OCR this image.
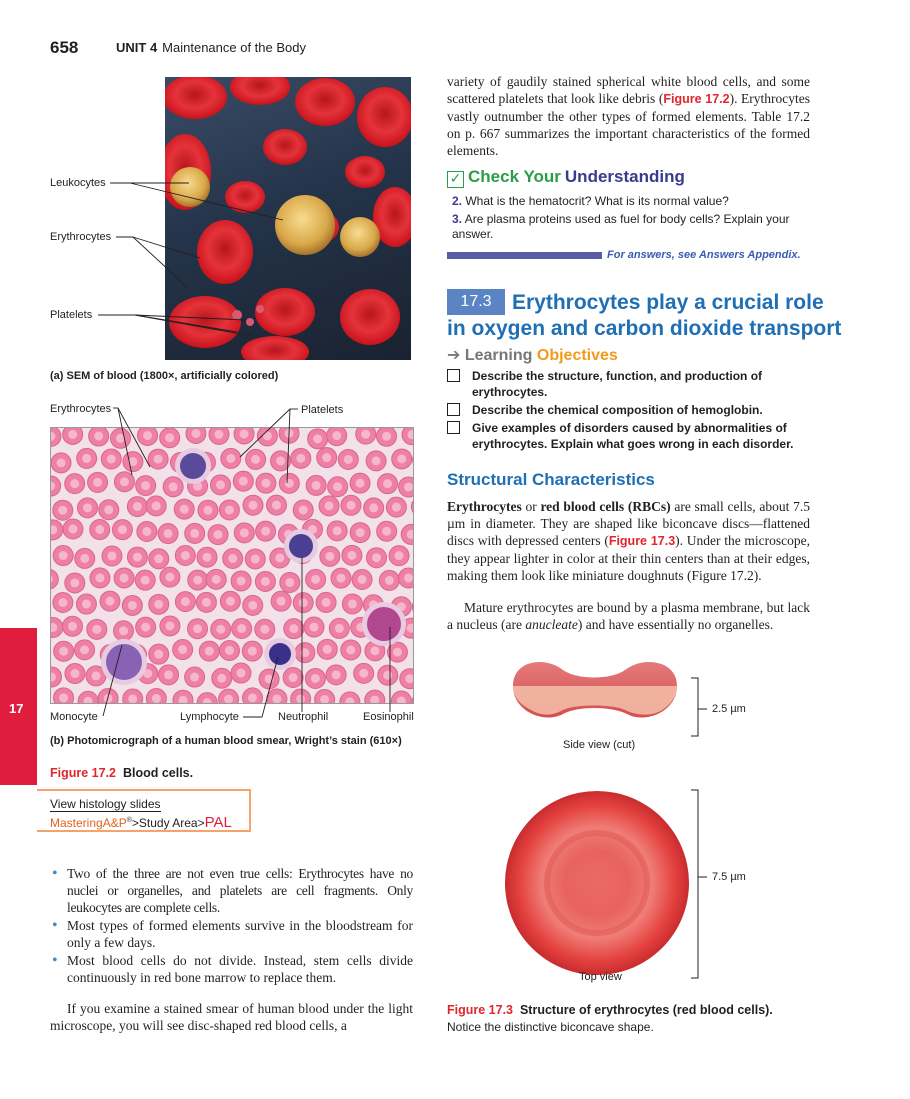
658	UNIT 4 Maintenance of the Body
Leukocytes
Erythrocytes
Platelets
(a) SEM of blood (1800×, artificially colored)
Erythrocytes	Platelets
Monocyte	Lymphocyte	Neutrophil	Eosinophil
(b) Photomicrograph of a human blood smear, Wright’s stain (610×)
17
Figure 17.2 Blood cells.
View histology slides
MasteringA&P®>Study Area>PAL
• Two of the three are not even true cells: Erythrocytes have no nuclei or organelles, and platelets are cell fragments. Only leukocytes are complete cells.
• Most types of formed elements survive in the bloodstream for only a few days.
• Most blood cells do not divide. Instead, stem cells divide continuously in red bone marrow to replace them.
If you examine a stained smear of human blood under the light microscope, you will see disc-shaped red blood cells, a
variety of gaudily stained spherical white blood cells, and some scattered platelets that look like debris (Figure 17.2). Erythrocytes vastly outnumber the other types of formed elements. Table 17.2 on p. 667 summarizes the important characteristics of the formed elements.
✓ Check Your Understanding
2. What is the hematocrit? What is its normal value?
3. Are plasma proteins used as fuel for body cells? Explain your answer.
For answers, see Answers Appendix.
17.3 Erythrocytes play a crucial role
in oxygen and carbon dioxide transport
➔ Learning Objectives
Describe the structure, function, and production of erythrocytes.
Describe the chemical composition of hemoglobin.
Give examples of disorders caused by abnormalities of erythrocytes. Explain what goes wrong in each disorder.
Structural Characteristics
Erythrocytes or red blood cells (RBCs) are small cells, about 7.5 µm in diameter. They are shaped like biconcave discs—flattened discs with depressed centers (Figure 17.3). Under the microscope, they appear lighter in color at their thin centers than at their edges, making them look like miniature doughnuts (Figure 17.2).
Mature erythrocytes are bound by a plasma membrane, but lack a nucleus (are anucleate) and have essentially no organelles.
2.5 µm
Side view (cut)
7.5 µm
Top view
Figure 17.3 Structure of erythrocytes (red blood cells).
Notice the distinctive biconcave shape.
